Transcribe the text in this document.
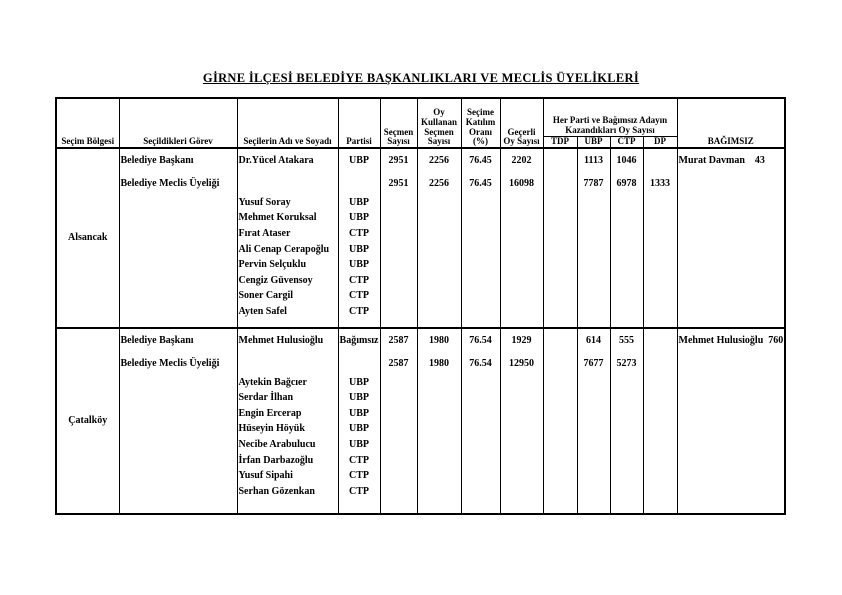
GİRNE İLÇESİ BELEDİYE BAŞKANLIKLARI VE MECLİS ÜYELİKLERİ
Seçim Bölgesi	Seçildikleri Görev	Seçilerin Adı ve Soyadı	Partisi	Seçmen Sayısı	Oy Kullanan Seçmen Sayısı	Seçime Katılım Oranı (%)	Geçerli Oy Sayısı	Her Parti ve Bağımsız Adayın Kazandıkları Oy Sayısı				BAĞIMSIZ
								TDP	UBP	CTP	DP	
Alsancak	Belediye Başkanı	Dr.Yücel Atakara	UBP	2951	2256	76.45	2202		1113	1046		Murat Davman    43
	Belediye Meclis Üyeliği			2951	2256	76.45	16098		7787	6978	1333	
		Yusuf Soray	UBP									
		Mehmet Koruksal	UBP									
		Fırat Ataser	CTP									
		Ali Cenap Cerapoğlu	UBP									
		Pervin Selçuklu	UBP									
		Cengiz Güvensoy	CTP									
		Soner Cargil	CTP									
		Ayten Safel	CTP									

Çatalköy	Belediye Başkanı	Mehmet Hulusioğlu	Bağımsız	2587	1980	76.54	1929		614	555		Mehmet Hulusioğlu  760
	Belediye Meclis Üyeliği			2587	1980	76.54	12950		7677	5273		
		Aytekin Bağcıer	UBP									
		Serdar İlhan	UBP									
		Engin Ercerap	UBP									
		Hüseyin Höyük	UBP									
		Necibe Arabulucu	UBP									
		İrfan Darbazoğlu	CTP									
		Yusuf Sipahi	CTP									
		Serhan Gözenkan	CTP									
